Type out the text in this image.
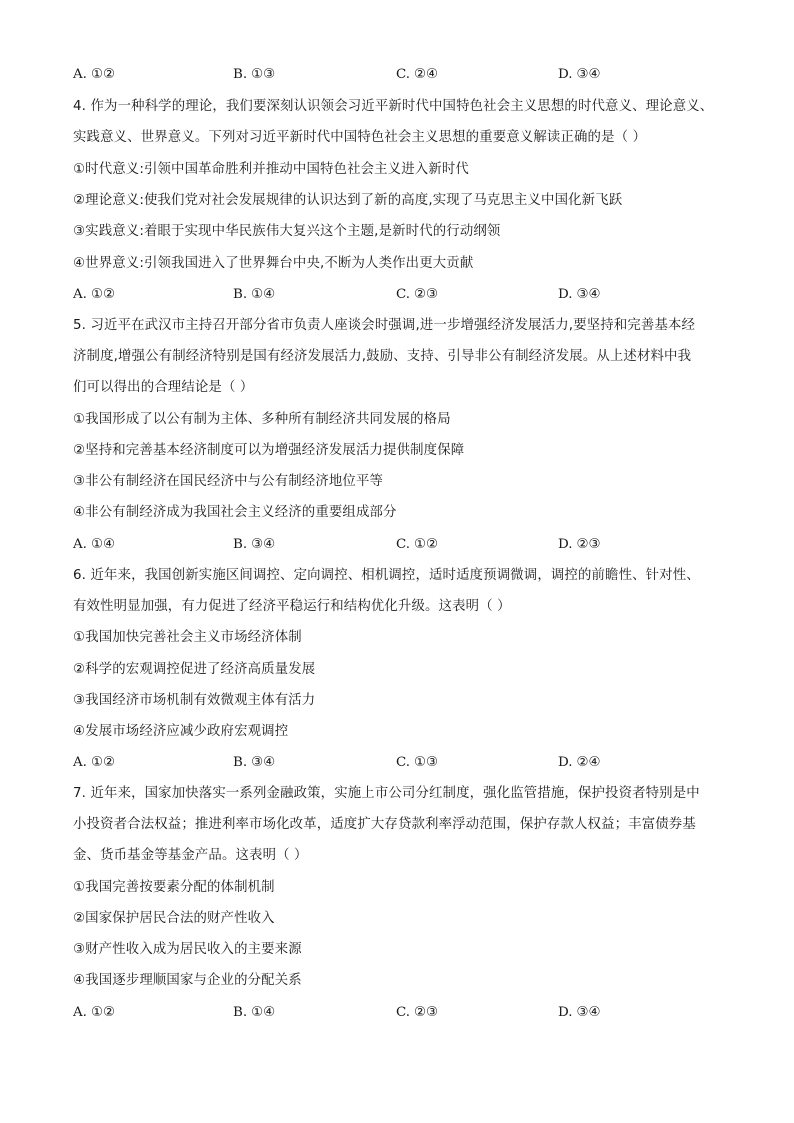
A. ①②	B. ①③	C. ②④	D. ③④
4. 作为一种科学的理论，我们要深刻认识领会习近平新时代中国特色社会主义思想的时代意义、理论意义、
实践意义、世界意义。下列对习近平新时代中国特色社会主义思想的重要意义解读正确的是（ ）
①时代意义:引领中国革命胜利并推动中国特色社会主义进入新时代
②理论意义:使我们党对社会发展规律的认识达到了新的高度,实现了马克思主义中国化新飞跃
③实践意义:着眼于实现中华民族伟大复兴这个主题,是新时代的行动纲领
④世界意义:引领我国进入了世界舞台中央,不断为人类作出更大贡献
A. ①②	B. ①④	C. ②③	D. ③④
5. 习近平在武汉市主持召开部分省市负责人座谈会时强调,进一步增强经济发展活力,要坚持和完善基本经
济制度,增强公有制经济特别是国有经济发展活力,鼓励、支持、引导非公有制经济发展。从上述材料中我
们可以得出的合理结论是（ ）
①我国形成了以公有制为主体、多种所有制经济共同发展的格局
②坚持和完善基本经济制度可以为增强经济发展活力提供制度保障
③非公有制经济在国民经济中与公有制经济地位平等
④非公有制经济成为我国社会主义经济的重要组成部分
A. ①④	B. ③④	C. ①②	D. ②③
6. 近年来，我国创新实施区间调控、定向调控、相机调控，适时适度预调微调，调控的前瞻性、针对性、
有效性明显加强，有力促进了经济平稳运行和结构优化升级。这表明（ ）
①我国加快完善社会主义市场经济体制
②科学的宏观调控促进了经济高质量发展
③我国经济市场机制有效微观主体有活力
④发展市场经济应减少政府宏观调控
A. ①②	B. ③④	C. ①③	D. ②④
7. 近年来，国家加快落实一系列金融政策，实施上市公司分红制度，强化监管措施，保护投资者特别是中
小投资者合法权益；推进利率市场化改革，适度扩大存贷款利率浮动范围，保护存款人权益；丰富债券基
金、货币基金等基金产品。这表明（ ）
①我国完善按要素分配的体制机制
②国家保护居民合法的财产性收入
③财产性收入成为居民收入的主要来源
④我国逐步理顺国家与企业的分配关系
A. ①②	B. ①④	C. ②③	D. ③④
